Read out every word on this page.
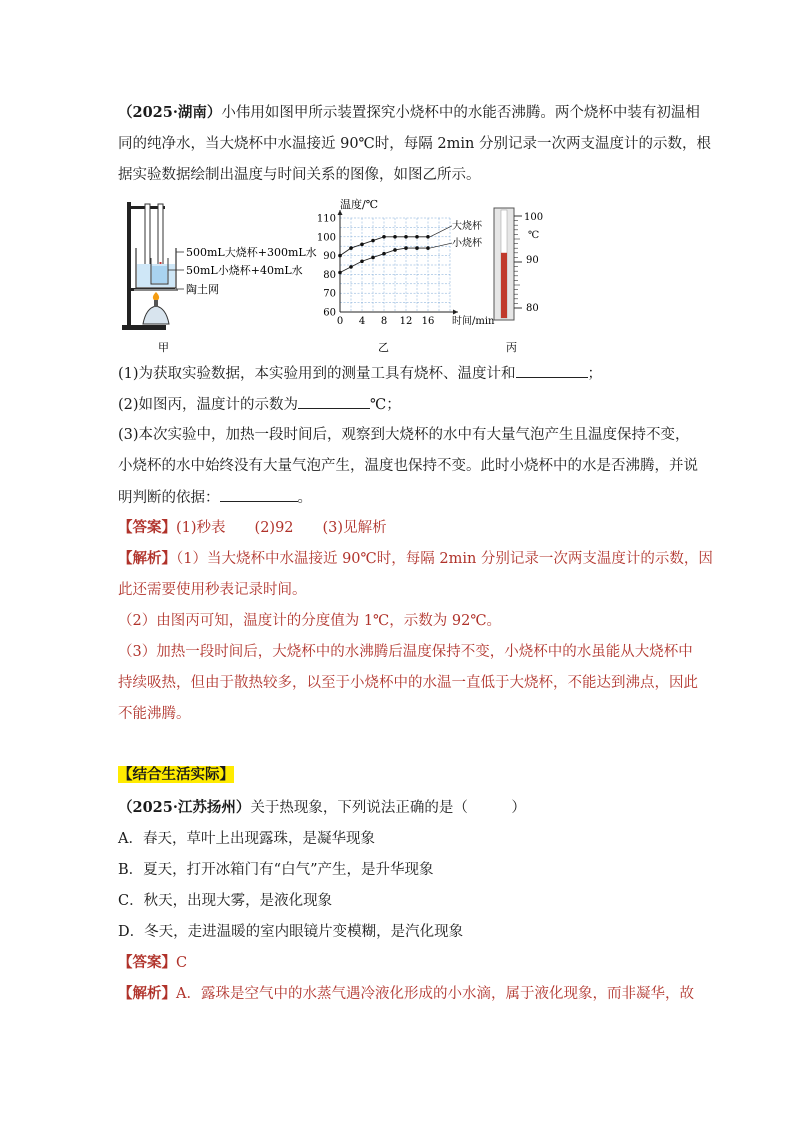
（2025·湖南）小伟用如图甲所示装置探究小烧杯中的水能否沸腾。两个烧杯中装有初温相
同的纯净水，当大烧杯中水温接近 90℃时，每隔 2min 分别记录一次两支温度计的示数，根
据实验数据绘制出温度与时间关系的图像，如图乙所示。
500mL大烧杯+300mL水
50mL小烧杯+40mL水
陶土网
甲
60
70
80
90
100
110
0 4 8 12 16
大烧杯
小烧杯
温度/℃
时间/min
乙
100
℃
90
80
丙
(1)为获取实验数据，本实验用到的测量工具有烧杯、温度计和	；
(2)如图丙，温度计的示数为	℃；
(3)本次实验中，加热一段时间后，观察到大烧杯的水中有大量气泡产生且温度保持不变，
小烧杯的水中始终没有大量气泡产生，温度也保持不变。此时小烧杯中的水是否沸腾，并说
明判断的依据：	。
【答案】(1)秒表　　(2)92　　(3)见解析
【解析】（1）当大烧杯中水温接近 90℃时，每隔 2min 分别记录一次两支温度计的示数，因
此还需要使用秒表记录时间。
（2）由图丙可知，温度计的分度值为 1℃，示数为 92℃。
（3）加热一段时间后，大烧杯中的水沸腾后温度保持不变，小烧杯中的水虽能从大烧杯中
持续吸热，但由于散热较多，以至于小烧杯中的水温一直低于大烧杯，不能达到沸点，因此
不能沸腾。
【结合生活实际】
（2025·江苏扬州）关于热现象，下列说法正确的是（　　　）
A．春天，草叶上出现露珠，是凝华现象
B．夏天，打开冰箱门有“白气”产生，是升华现象
C．秋天，出现大雾，是液化现象
D．冬天，走进温暖的室内眼镜片变模糊，是汽化现象
【答案】C
【解析】A．露珠是空气中的水蒸气遇冷液化形成的小水滴，属于液化现象，而非凝华，故
